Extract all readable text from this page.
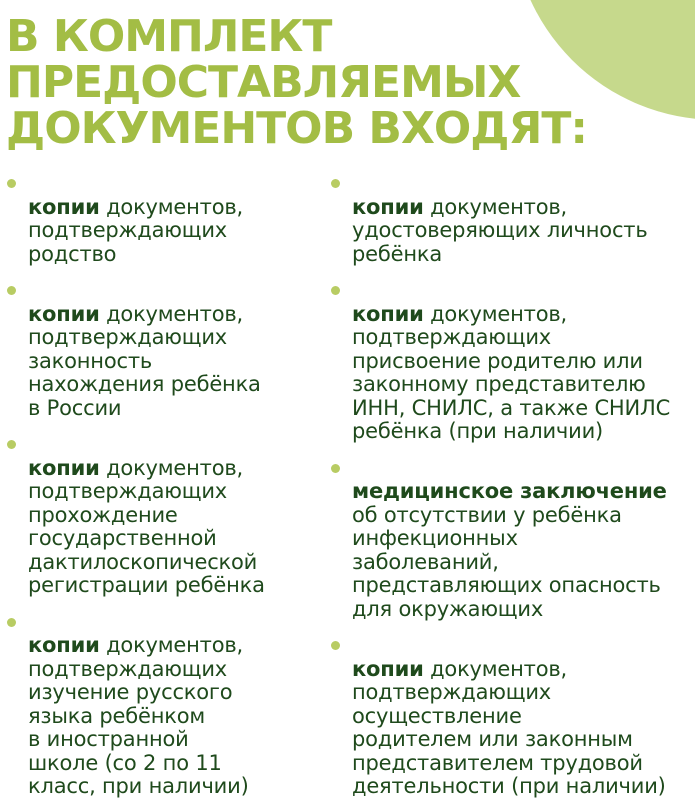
В КОМПЛЕКТ
ПРЕДОСТАВЛЯЕМЫХ
ДОКУМЕНТОВ ВХОДЯТ:

копии документов,
подтверждающих
родство

копии документов,
подтверждающих
законность
нахождения ребёнка
в России

копии документов,
подтверждающих
прохождение
государственной
дактилоскопической
регистрации ребёнка

копии документов,
подтверждающих
изучение русского
языка ребёнком
в иностранной
школе (со 2 по 11
класс, при наличии)

копии документов,
удостоверяющих личность
ребёнка

копии документов,
подтверждающих
присвоение родителю или
законному представителю
ИНН, СНИЛС, а также СНИЛС
ребёнка (при наличии)

медицинское заключение
об отсутствии у ребёнка
инфекционных
заболеваний,
представляющих опасность
для окружающих

копии документов,
подтверждающих
осуществление
родителем или законным
представителем трудовой
деятельности (при наличии)
